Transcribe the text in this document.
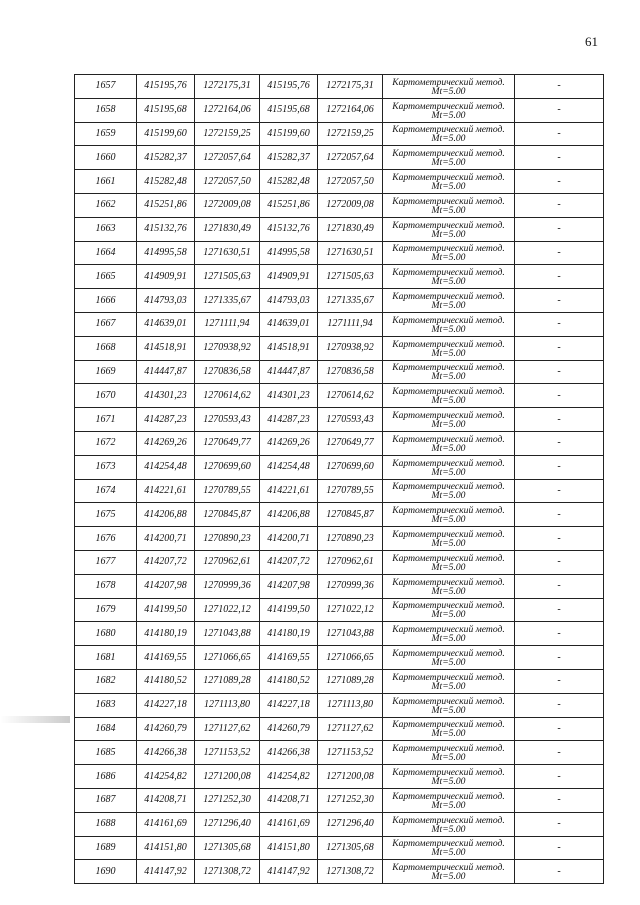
61
1657	415195,76	1272175,31	415195,76	1272175,31	Картометрический метод.
Mt=5.00	-
1658	415195,68	1272164,06	415195,68	1272164,06	Картометрический метод.
Mt=5.00	-
1659	415199,60	1272159,25	415199,60	1272159,25	Картометрический метод.
Mt=5.00	-
1660	415282,37	1272057,64	415282,37	1272057,64	Картометрический метод.
Mt=5.00	-
1661	415282,48	1272057,50	415282,48	1272057,50	Картометрический метод.
Mt=5.00	-
1662	415251,86	1272009,08	415251,86	1272009,08	Картометрический метод.
Mt=5.00	-
1663	415132,76	1271830,49	415132,76	1271830,49	Картометрический метод.
Mt=5.00	-
1664	414995,58	1271630,51	414995,58	1271630,51	Картометрический метод.
Mt=5.00	-
1665	414909,91	1271505,63	414909,91	1271505,63	Картометрический метод.
Mt=5.00	-
1666	414793,03	1271335,67	414793,03	1271335,67	Картометрический метод.
Mt=5.00	-
1667	414639,01	1271111,94	414639,01	1271111,94	Картометрический метод.
Mt=5.00	-
1668	414518,91	1270938,92	414518,91	1270938,92	Картометрический метод.
Mt=5.00	-
1669	414447,87	1270836,58	414447,87	1270836,58	Картометрический метод.
Mt=5.00	-
1670	414301,23	1270614,62	414301,23	1270614,62	Картометрический метод.
Mt=5.00	-
1671	414287,23	1270593,43	414287,23	1270593,43	Картометрический метод.
Mt=5.00	-
1672	414269,26	1270649,77	414269,26	1270649,77	Картометрический метод.
Mt=5.00	-
1673	414254,48	1270699,60	414254,48	1270699,60	Картометрический метод.
Mt=5.00	-
1674	414221,61	1270789,55	414221,61	1270789,55	Картометрический метод.
Mt=5.00	-
1675	414206,88	1270845,87	414206,88	1270845,87	Картометрический метод.
Mt=5.00	-
1676	414200,71	1270890,23	414200,71	1270890,23	Картометрический метод.
Mt=5.00	-
1677	414207,72	1270962,61	414207,72	1270962,61	Картометрический метод.
Mt=5.00	-
1678	414207,98	1270999,36	414207,98	1270999,36	Картометрический метод.
Mt=5.00	-
1679	414199,50	1271022,12	414199,50	1271022,12	Картометрический метод.
Mt=5.00	-
1680	414180,19	1271043,88	414180,19	1271043,88	Картометрический метод.
Mt=5.00	-
1681	414169,55	1271066,65	414169,55	1271066,65	Картометрический метод.
Mt=5.00	-
1682	414180,52	1271089,28	414180,52	1271089,28	Картометрический метод.
Mt=5.00	-
1683	414227,18	1271113,80	414227,18	1271113,80	Картометрический метод.
Mt=5.00	-
1684	414260,79	1271127,62	414260,79	1271127,62	Картометрический метод.
Mt=5.00	-
1685	414266,38	1271153,52	414266,38	1271153,52	Картометрический метод.
Mt=5.00	-
1686	414254,82	1271200,08	414254,82	1271200,08	Картометрический метод.
Mt=5.00	-
1687	414208,71	1271252,30	414208,71	1271252,30	Картометрический метод.
Mt=5.00	-
1688	414161,69	1271296,40	414161,69	1271296,40	Картометрический метод.
Mt=5.00	-
1689	414151,80	1271305,68	414151,80	1271305,68	Картометрический метод.
Mt=5.00	-
1690	414147,92	1271308,72	414147,92	1271308,72	Картометрический метод.
Mt=5.00	-
